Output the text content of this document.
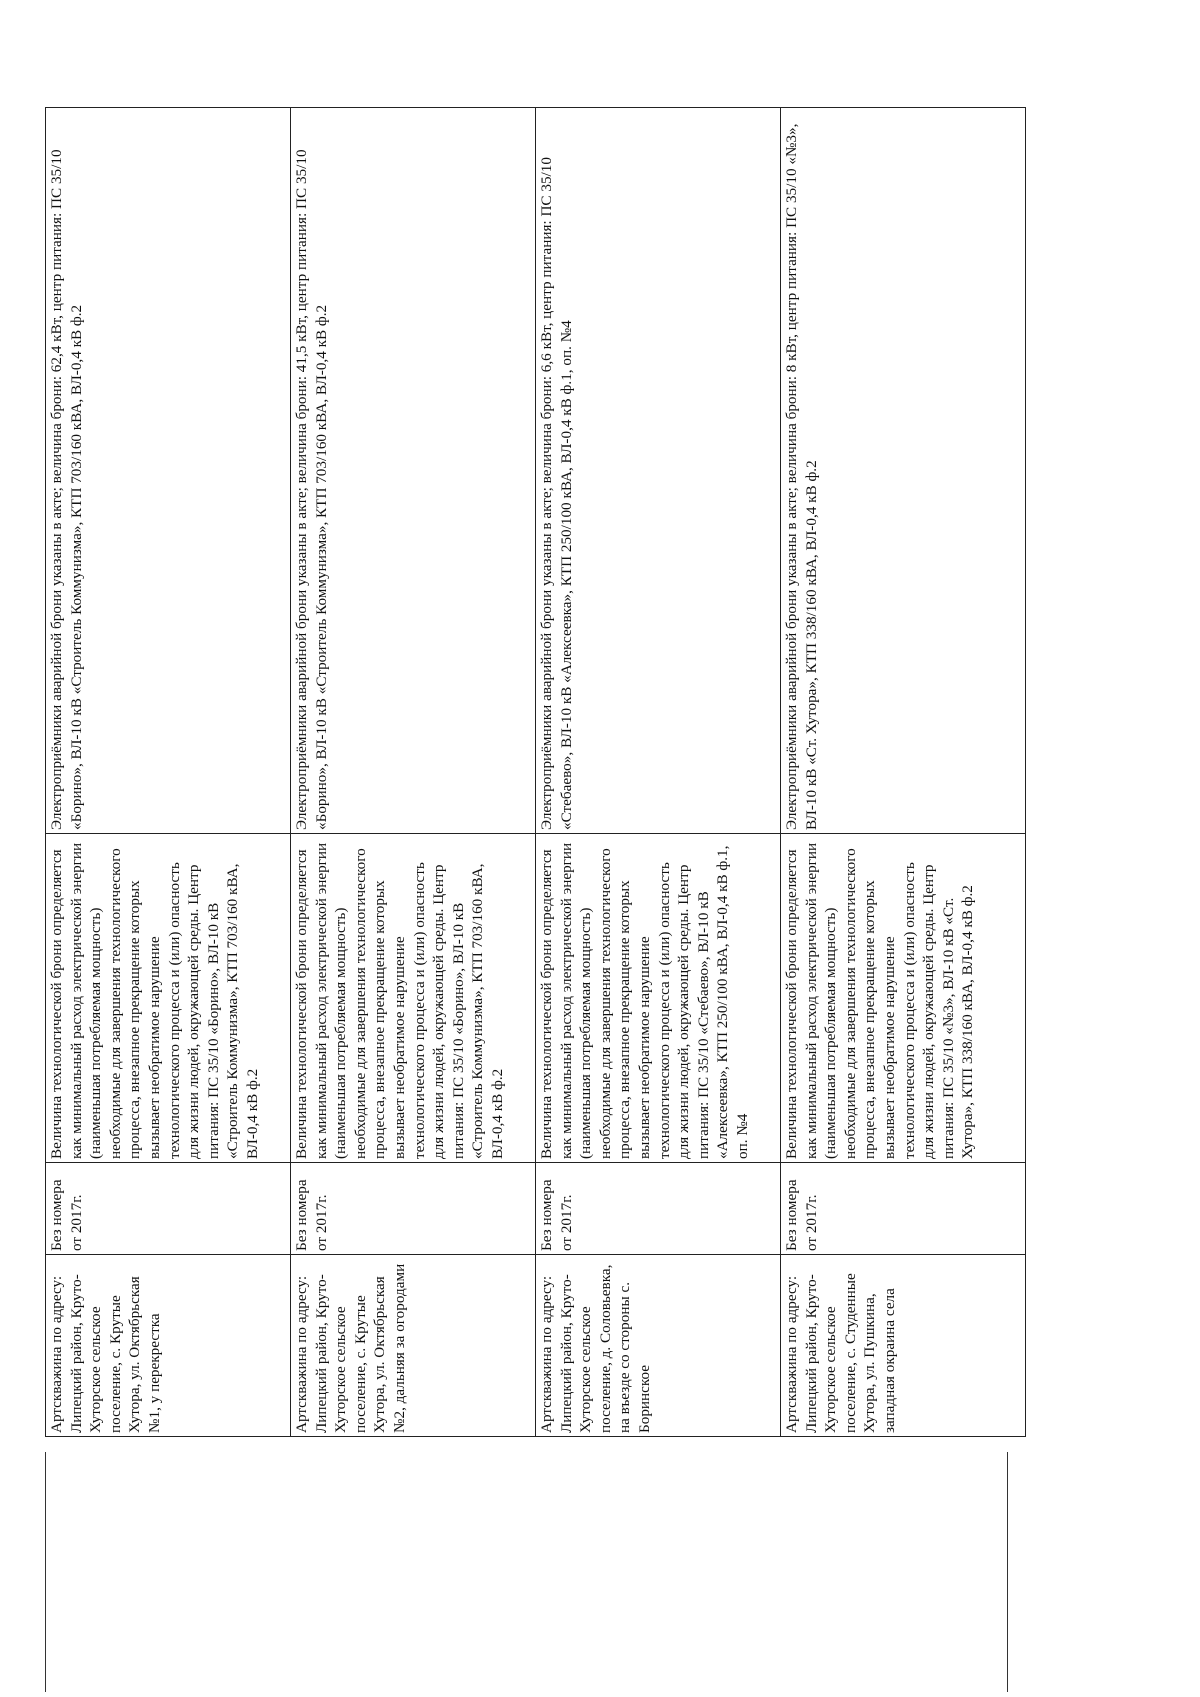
Артскважина по адресу: Липецкий район, Круто-Хуторское сельское поселение, с. Крутые Хутора, ул. Октябрьская №1, у перекрестка	Без номера от 2017г.	Величина технологической брони определяется как минимальный расход электрической энергии (наименьшая потребляемая мощность) необходимые для завершения технологического процесса, внезапное прекращение которых вызывает необратимое нарушение технологического процесса и (или) опасность для жизни людей, окружающей среды. Центр питания: ПС 35/10 «Борино», ВЛ-10 кВ «Строитель Коммунизма», КТП 703/160 кВА, ВЛ-0,4 кВ ф.2	Электроприёмники аварийной брони указаны в акте; величина брони: 62,4 кВт, центр питания: ПС 35/10 «Борино», ВЛ-10 кВ «Строитель Коммунизма», КТП 703/160 кВА, ВЛ-0,4 кВ ф.2
Артскважина по адресу: Липецкий район, Круто-Хуторское сельское поселение, с. Крутые Хутора, ул. Октябрьская №2, дальняя за огородами	Без номера от 2017г.	Величина технологической брони определяется как минимальный расход электрической энергии (наименьшая потребляемая мощность) необходимые для завершения технологического процесса, внезапное прекращение которых вызывает необратимое нарушение технологического процесса и (или) опасность для жизни людей, окружающей среды. Центр питания: ПС 35/10 «Борино», ВЛ-10 кВ «Строитель Коммунизма», КТП 703/160 кВА, ВЛ-0,4 кВ ф.2	Электроприёмники аварийной брони указаны в акте; величина брони: 41,5 кВт, центр питания: ПС 35/10 «Борино», ВЛ-10 кВ «Строитель Коммунизма», КТП 703/160 кВА, ВЛ-0,4 кВ ф.2
Артскважина по адресу: Липецкий район, Круто-Хуторское сельское поселение, д. Соловьевка, на въезде со стороны с. Боринское	Без номера от 2017г.	Величина технологической брони определяется как минимальный расход электрической энергии (наименьшая потребляемая мощность) необходимые для завершения технологического процесса, внезапное прекращение которых вызывает необратимое нарушение технологического процесса и (или) опасность для жизни людей, окружающей среды. Центр питания: ПС 35/10 «Стебаево», ВЛ-10 кВ «Алексеевка», КТП 250/100 кВА, ВЛ-0,4 кВ ф.1, оп. №4	Электроприёмники аварийной брони указаны в акте; величина брони: 6,6 кВт, центр питания: ПС 35/10 «Стебаево», ВЛ-10 кВ «Алексеевка», КТП 250/100 кВА, ВЛ-0,4 кВ ф.1, оп. №4
Артскважина по адресу: Липецкий район, Круто-Хуторское сельское поселение, с. Студенные Хутора, ул. Пушкина, западная окраина села	Без номера от 2017г.	Величина технологической брони определяется как минимальный расход электрической энергии (наименьшая потребляемая мощность) необходимые для завершения технологического процесса, внезапное прекращение которых вызывает необратимое нарушение технологического процесса и (или) опасность для жизни людей, окружающей среды. Центр питания: ПС 35/10 «№3», ВЛ-10 кВ «Ст. Хутора», КТП 338/160 кВА, ВЛ-0,4 кВ ф.2	Электроприёмники аварийной брони указаны в акте; величина брони: 8 кВт, центр питания: ПС 35/10 «№3», ВЛ-10 кВ «Ст. Хутора», КТП 338/160 кВА, ВЛ-0,4 кВ ф.2
